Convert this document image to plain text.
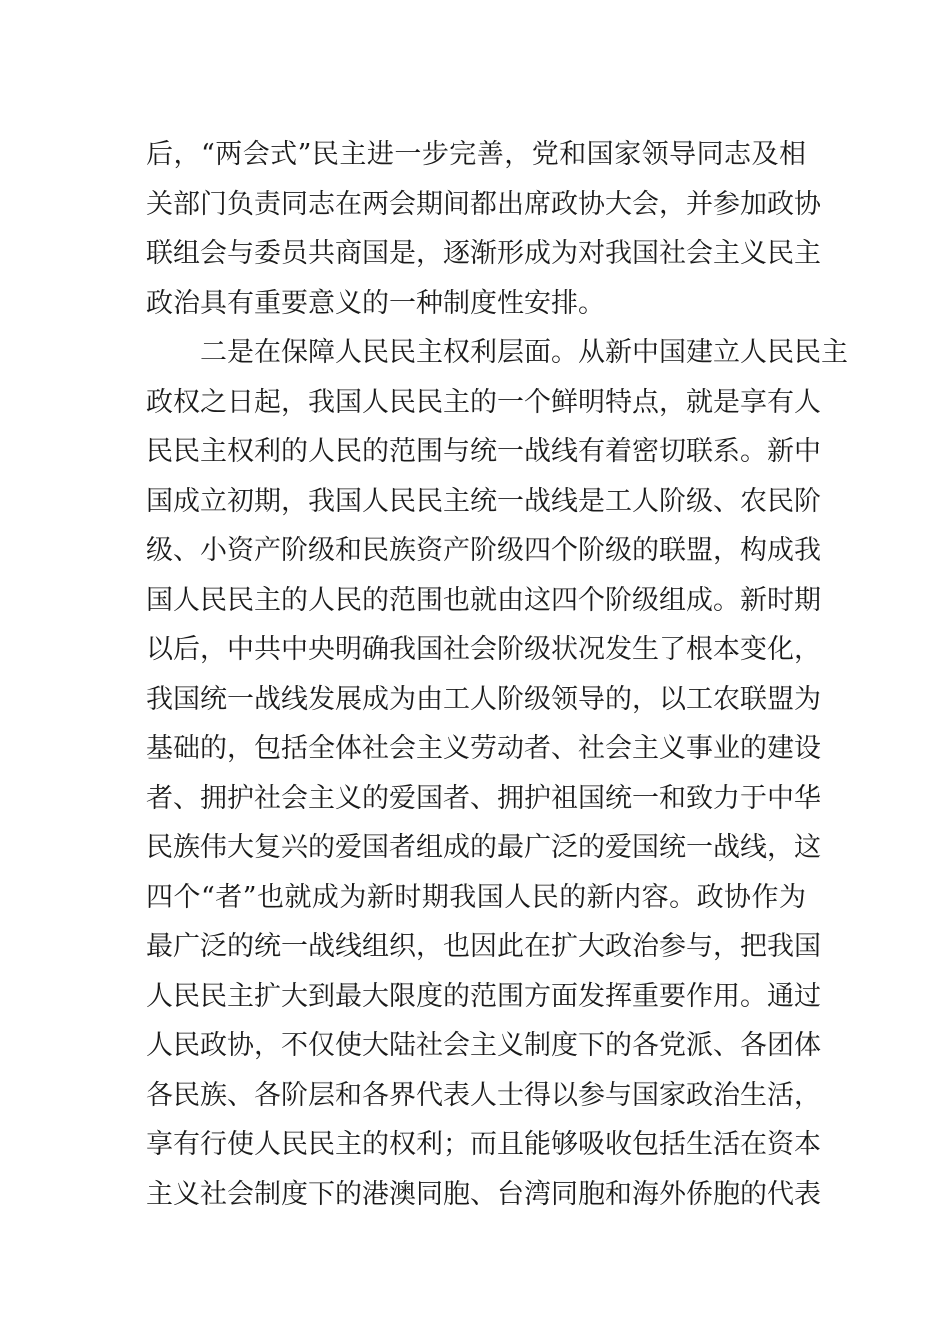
后，“两会式”民主进一步完善，党和国家领导同志及相
关部门负责同志在两会期间都出席政协大会，并参加政协
联组会与委员共商国是，逐渐形成为对我国社会主义民主
政治具有重要意义的一种制度性安排。
二是在保障人民民主权利层面。从新中国建立人民民主
政权之日起，我国人民民主的一个鲜明特点，就是享有人
民民主权利的人民的范围与统一战线有着密切联系。新中
国成立初期，我国人民民主统一战线是工人阶级、农民阶
级、小资产阶级和民族资产阶级四个阶级的联盟，构成我
国人民民主的人民的范围也就由这四个阶级组成。新时期
以后，中共中央明确我国社会阶级状况发生了根本变化，
我国统一战线发展成为由工人阶级领导的，以工农联盟为
基础的，包括全体社会主义劳动者、社会主义事业的建设
者、拥护社会主义的爱国者、拥护祖国统一和致力于中华
民族伟大复兴的爱国者组成的最广泛的爱国统一战线，这
四个“者”也就成为新时期我国人民的新内容。政协作为
最广泛的统一战线组织，也因此在扩大政治参与，把我国
人民民主扩大到最大限度的范围方面发挥重要作用。通过
人民政协，不仅使大陆社会主义制度下的各党派、各团体
各民族、各阶层和各界代表人士得以参与国家政治生活，
享有行使人民民主的权利；而且能够吸收包括生活在资本
主义社会制度下的港澳同胞、台湾同胞和海外侨胞的代表
